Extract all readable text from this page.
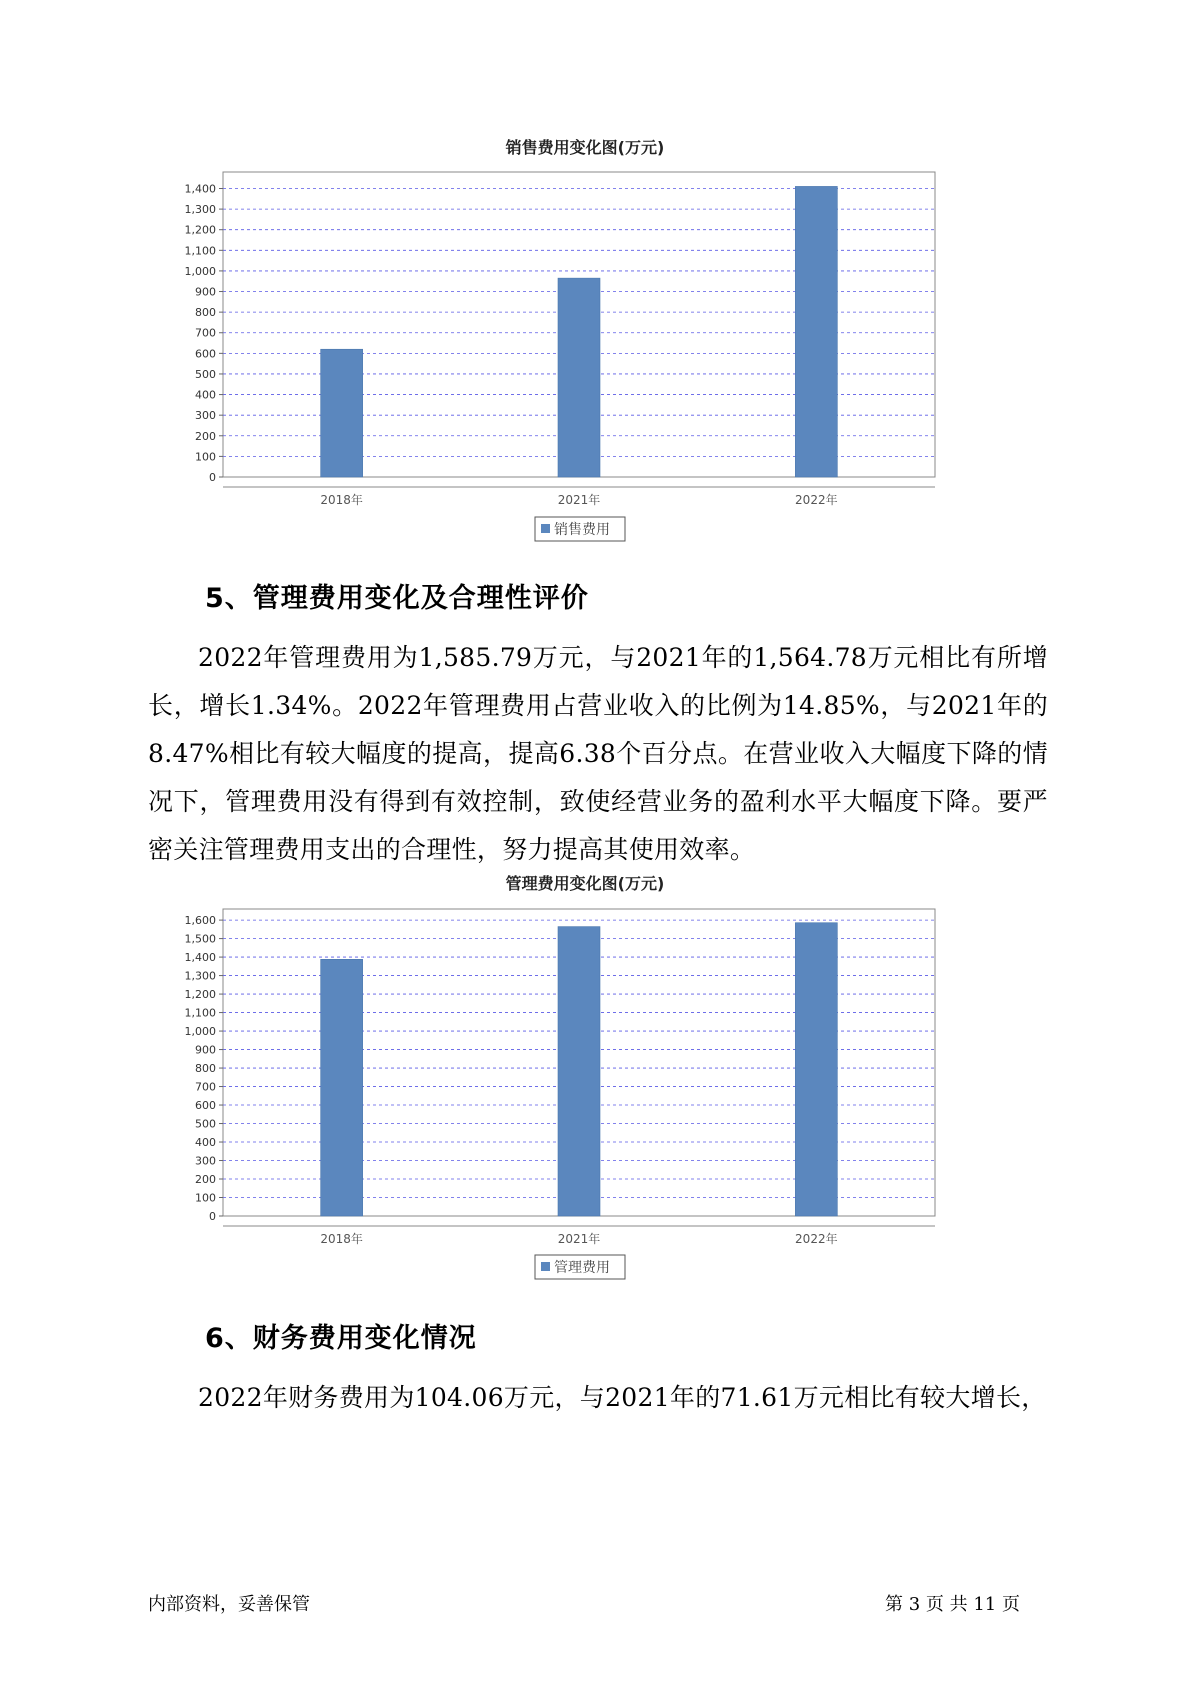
销售费用变化图(万元)
0
100
200
300
400
500
600
700
800
900
1,000
1,100
1,200
1,300
1,400
2018年	2021年	2022年
销售费用
5、管理费用变化及合理性评价
2022年管理费用为1,585.79万元，与2021年的1,564.78万元相比有所增长，增长1.34%。2022年管理费用占营业收入的比例为14.85%，与2021年的8.47%相比有较大幅度的提高，提高6.38个百分点。在营业收入大幅度下降的情况下，管理费用没有得到有效控制，致使经营业务的盈利水平大幅度下降。要严密关注管理费用支出的合理性，努力提高其使用效率。
管理费用变化图(万元)
0
100
200
300
400
500
600
700
800
900
1,000
1,100
1,200
1,300
1,400
1,500
1,600
2018年	2021年	2022年
管理费用
6、财务费用变化情况
2022年财务费用为104.06万元，与2021年的71.61万元相比有较大增长，
内部资料，妥善保管	第 3 页 共 11 页
